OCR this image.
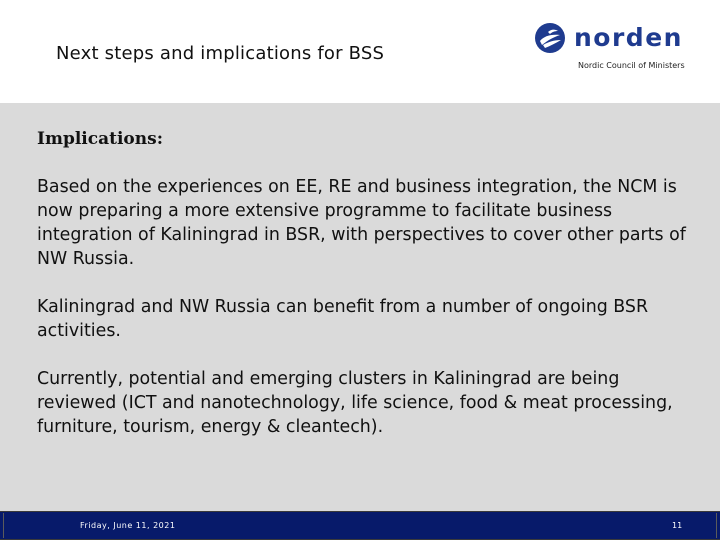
Next steps and implications for BSS
norden
Nordic Council of Ministers
Implications:
Based on the experiences on EE, RE and business integration, the NCM is now preparing a more extensive programme to facilitate business integration of Kaliningrad in BSR, with perspectives to cover other parts of NW Russia.
Kaliningrad and NW Russia can benefit from a number of ongoing BSR activities.
Currently, potential and emerging clusters in Kaliningrad are being reviewed (ICT and nanotechnology, life science, food & meat processing, furniture, tourism, energy & cleantech).
Friday, June 11, 2021	11
